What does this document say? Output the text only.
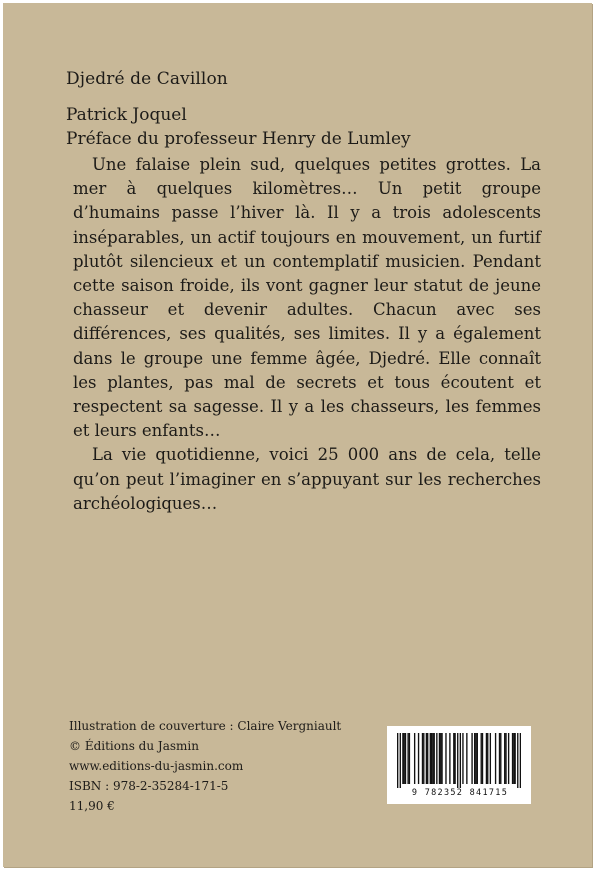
Djedré de Cavillon
Patrick Joquel
Préface du professeur Henry de Lumley

Une falaise plein sud, quelques petites grottes. La mer à quelques kilomètres… Un petit groupe d’humains passe l’hiver là. Il y a trois adolescents inséparables, un actif toujours en mouvement, un furtif plutôt silencieux et un contemplatif musicien. Pendant cette saison froide, ils vont gagner leur statut de jeune chasseur et devenir adultes. Chacun avec ses différences, ses qualités, ses limites. Il y a également dans le groupe une femme âgée, Djedré. Elle connaît les plantes, pas mal de secrets et tous écoutent et respectent sa sagesse. Il y a les chasseurs, les femmes et leurs enfants…

La vie quotidienne, voici 25 000 ans de cela, telle qu’on peut l’imaginer en s’appuyant sur les recherches archéologiques…

Illustration de couverture : Claire Vergniault
© Éditions du Jasmin
www.editions-du-jasmin.com
ISBN : 978-2-35284-171-5
11,90 €
9 782352 841715
